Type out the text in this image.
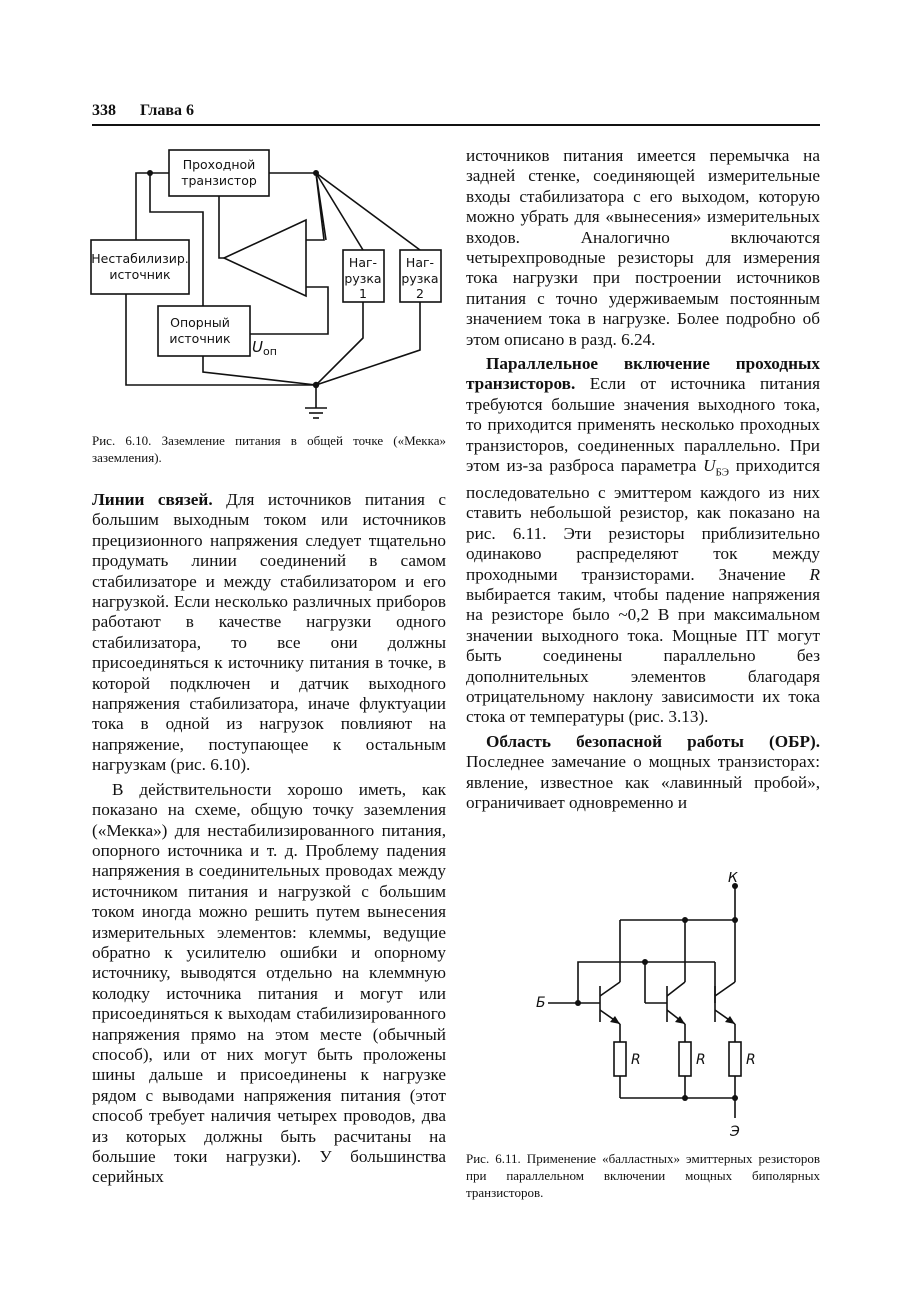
338 Глава 6
Проходной
транзистор
Нестабилизир.
источник
Опорный
источник
Наг-
рузка
1
Наг-
рузка
2
$U_{оп}$
Рис. 6.10. Заземление питания в общей точке («Мекка» заземления).

Линии связей. Для источников питания с большим выходным током или источников прецизионного напряжения следует тщательно продумать линии соединений в самом стабилизаторе и между стабилизатором и его нагрузкой. Если несколько различных приборов работают в качестве нагрузки одного стабилизатора, то все они должны присоединяться к источнику питания в точке, в которой подключен и датчик выходного напряжения стабилизатора, иначе флуктуации тока в одной из нагрузок повлияют на напряжение, поступающее к остальным нагрузкам (рис. 6.10).

В действительности хорошо иметь, как показано на схеме, общую точку заземления («Мекка») для нестабилизированного питания, опорного источника и т. д. Проблему падения напряжения в соединительных проводах между источником питания и нагрузкой с большим током иногда можно решить путем вынесения измерительных элементов: клеммы, ведущие обратно к усилителю ошибки и опорному источнику, выводятся отдельно на клеммную колодку источника питания и могут или присоединяться к выходам стабилизированного напряжения прямо на этом месте (обычный способ), или от них могут быть проложены шины дальше и присоединены к нагрузке рядом с выводами напряжения питания (этот способ требует наличия четырех проводов, два из которых должны быть расчитаны на большие токи нагрузки). У большинства серийных

источников питания имеется перемычка на задней стенке, соединяющей измерительные входы стабилизатора с его выходом, которую можно убрать для «вынесения» измерительных входов. Аналогично включаются четырехпроводные резисторы для измерения тока нагрузки при построении источников питания с точно удерживаемым постоянным значением тока в нагрузке. Более подробно об этом описано в разд. 6.24.

Параллельное включение проходных транзисторов. Если от источника питания требуются большие значения выходного тока, то приходится применять несколько проходных транзисторов, соединенных параллельно. При этом из-за разброса параметра $U_{БЭ}$ приходится последовательно с эмиттером каждого из них ставить небольшой резистор, как показано на рис. 6.11. Эти резисторы приблизительно одинаково распределяют ток между проходными транзисторами. Значение R выбирается таким, чтобы падение напряжения на резисторе было ~0,2 В при максимальном значении выходного тока. Мощные ПТ могут быть соединены параллельно без дополнительных элементов благодаря отрицательному наклону зависимости их тока стока от температуры (рис. 3.13).

Область безопасной работы (ОБР). Последнее замечание о мощных транзисторах: явление, известное как «лавинный пробой», ограничивает одновременно и

К
Б
Э
R	R	R
Рис. 6.11. Применение «балластных» эмиттерных резисторов при параллельном включении мощных биполярных транзисторов.
